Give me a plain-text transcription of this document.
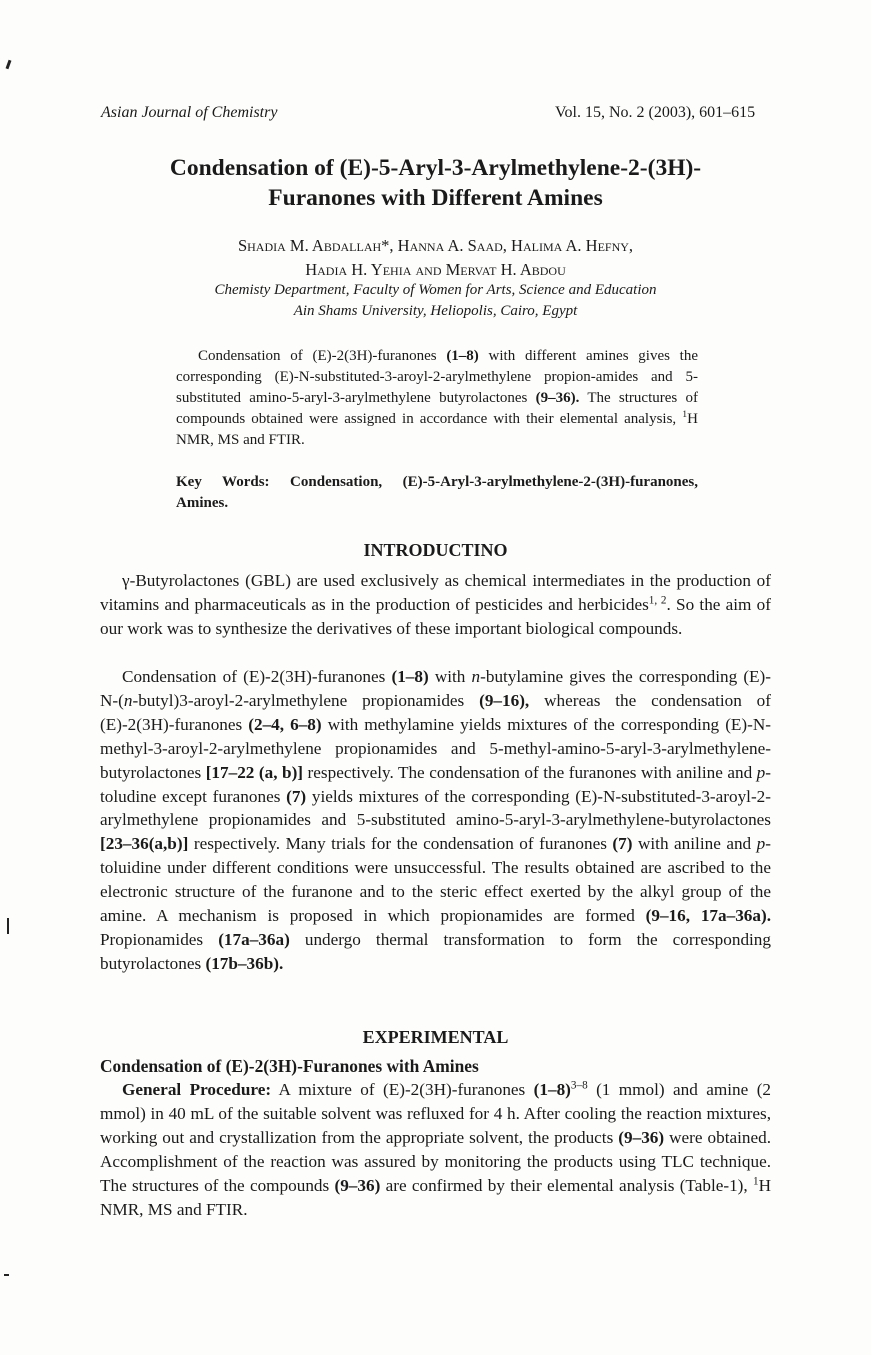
Asian Journal of Chemistry	Vol. 15, No. 2 (2003), 601–615
Condensation of (E)-5-Aryl-3-Arylmethylene-2-(3H)-
Furanones with Different Amines
Shadia M. Abdallah*, Hanna A. Saad, Halima A. Hefny,
Hadia H. Yehia and Mervat H. Abdou
Chemisty Department, Faculty of Women for Arts, Science and Education
Ain Shams University, Heliopolis, Cairo, Egypt
Condensation of (E)-2(3H)-furanones (1–8) with different amines gives the corresponding (E)-N-substituted-3-aroyl-2-arylmethylene propion-amides and 5-substituted amino-5-aryl-3-arylmethylene butyrolactones (9–36). The structures of compounds obtained were assigned in accordance with their elemental analysis, $^1$H NMR, MS and FTIR.
Key Words: Condensation, (E)-5-Aryl-3-arylmethylene-2-(3H)-furanones, Amines.
INTRODUCTINO
γ-Butyrolactones (GBL) are used exclusively as chemical intermediates in the production of vitamins and pharmaceuticals as in the production of pesticides and herbicides$^{1, 2}$. So the aim of our work was to synthesize the derivatives of these important biological compounds.
Condensation of (E)-2(3H)-furanones (1–8) with n-butylamine gives the corresponding (E)-N-(n-butyl)3-aroyl-2-arylmethylene propionamides (9–16), whereas the condensation of (E)-2(3H)-furanones (2–4, 6–8) with methylamine yields mixtures of the corresponding (E)-N-methyl-3-aroyl-2-arylmethylene propionamides and 5-methyl-amino-5-aryl-3-arylmethylene-butyrolactones [17–22 (a, b)] respectively. The condensation of the furanones with aniline and p-toludine except furanones (7) yields mixtures of the corresponding (E)-N-substituted-3-aroyl-2-arylmethylene propionamides and 5-substituted amino-5-aryl-3-arylmethylene-butyrolactones [23–36(a,b)] respectively. Many trials for the condensation of furanones (7) with aniline and p-toluidine under different conditions were unsuccessful. The results obtained are ascribed to the electronic structure of the furanone and to the steric effect exerted by the alkyl group of the amine. A mechanism is proposed in which propionamides are formed (9–16, 17a–36a). Propionamides (17a–36a) undergo thermal transformation to form the corresponding butyrolactones (17b–36b).
EXPERIMENTAL
Condensation of (E)-2(3H)-Furanones with Amines
General Procedure: A mixture of (E)-2(3H)-furanones $(1-8)^{3-8}$ (1 mmol) and amine (2 mmol) in 40 mL of the suitable solvent was refluxed for 4 h. After cooling the reaction mixtures, working out and crystallization from the appropriate solvent, the products (9–36) were obtained. Accomplishment of the reaction was assured by monitoring the products using TLC technique. The structures of the compounds (9–36) are confirmed by their elemental analysis (Table-1), $^1$H NMR, MS and FTIR.
